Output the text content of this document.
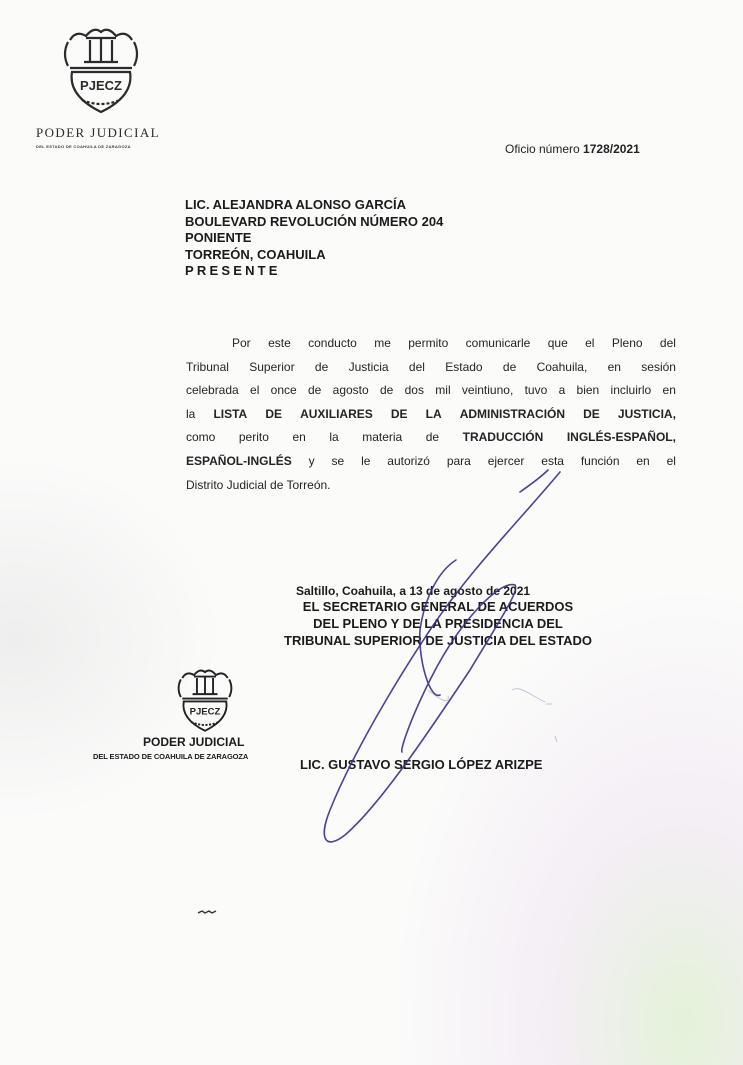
PJECZ
PODER JUDICIAL
DEL ESTADO DE COAHUILA DE ZARAGOZA	Oficio número 1728/2021
LIC. ALEJANDRA ALONSO GARCÍA
BOULEVARD REVOLUCIÓN NÚMERO 204
PONIENTE
TORREÓN, COAHUILA
PRESENTE
Por este conducto me permito comunicarle que el Pleno del
Tribunal Superior de Justicia del Estado de Coahuila, en sesión
celebrada el once de agosto de dos mil veintiuno, tuvo a bien incluirlo en
la LISTA DE AUXILIARES DE LA ADMINISTRACIÓN DE JUSTICIA,
como perito en la materia de TRADUCCIÓN INGLÉS-ESPAÑOL,
ESPAÑOL-INGLÉS y se le autorizó para ejercer esta función en el
Distrito Judicial de Torreón.
Saltillo, Coahuila, a 13 de agosto de 2021
EL SECRETARIO GENERAL DE ACUERDOS
DEL PLENO Y DE LA PRESIDENCIA DEL
TRIBUNAL SUPERIOR DE JUSTICIA DEL ESTADO
PJECZ
PODER JUDICIAL
DEL ESTADO DE COAHUILA DE ZARAGOZA
LIC. GUSTAVO SERGIO LÓPEZ ARIZPE
